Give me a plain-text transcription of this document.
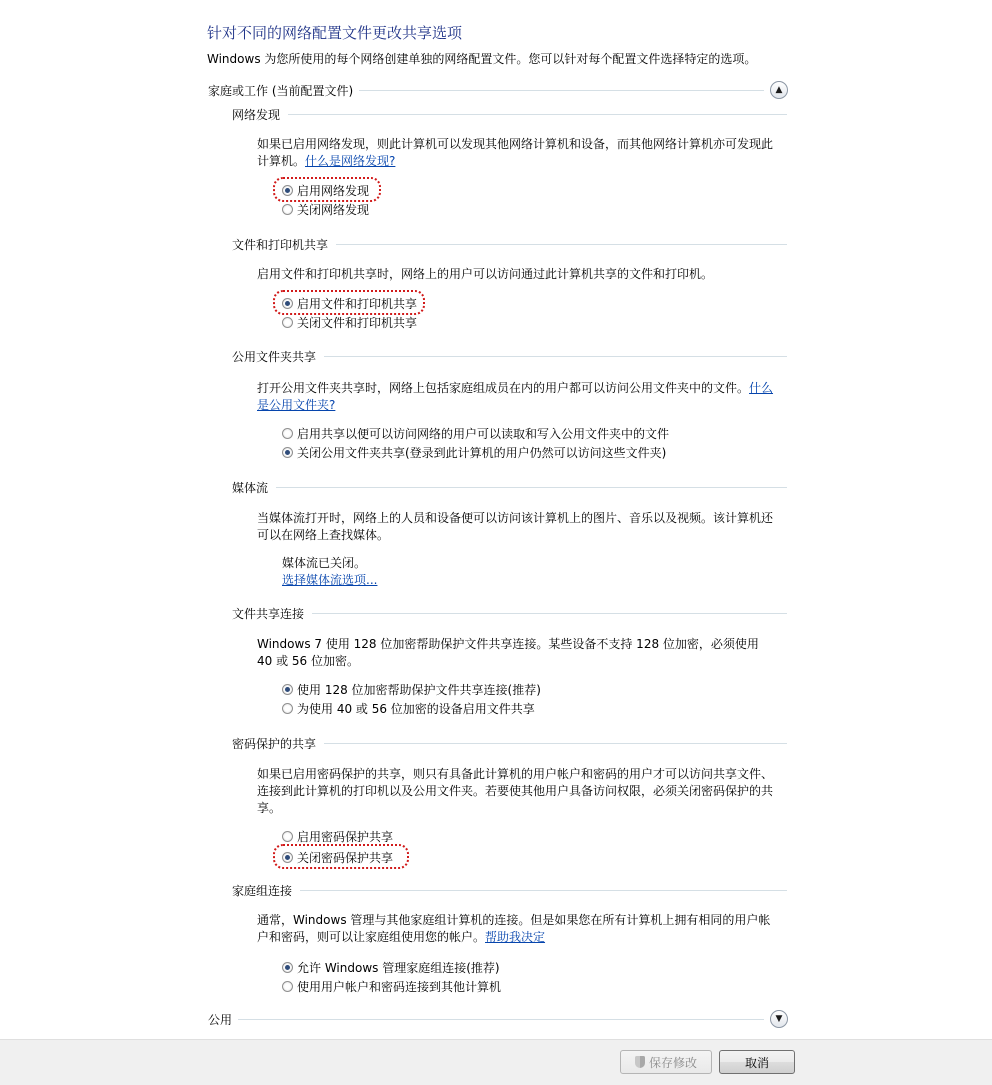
针对不同的网络配置文件更改共享选项
Windows 为您所使用的每个网络创建单独的网络配置文件。您可以针对每个配置文件选择特定的选项。
家庭或工作 (当前配置文件)	▲
网络发现
如果已启用网络发现，则此计算机可以发现其他网络计算机和设备，而其他网络计算机亦可发现此计算机。什么是网络发现?
启用网络发现
关闭网络发现
文件和打印机共享
启用文件和打印机共享时，网络上的用户可以访问通过此计算机共享的文件和打印机。
启用文件和打印机共享
关闭文件和打印机共享
公用文件夹共享
打开公用文件夹共享时，网络上包括家庭组成员在内的用户都可以访问公用文件夹中的文件。什么是公用文件夹?
启用共享以便可以访问网络的用户可以读取和写入公用文件夹中的文件
关闭公用文件夹共享(登录到此计算机的用户仍然可以访问这些文件夹)
媒体流
当媒体流打开时，网络上的人员和设备便可以访问该计算机上的图片、音乐以及视频。该计算机还可以在网络上查找媒体。
媒体流已关闭。
选择媒体流选项...
文件共享连接
Windows 7 使用 128 位加密帮助保护文件共享连接。某些设备不支持 128 位加密，必须使用 40 或 56 位加密。
使用 128 位加密帮助保护文件共享连接(推荐)
为使用 40 或 56 位加密的设备启用文件共享
密码保护的共享
如果已启用密码保护的共享，则只有具备此计算机的用户帐户和密码的用户才可以访问共享文件、连接到此计算机的打印机以及公用文件夹。若要使其他用户具备访问权限，必须关闭密码保护的共享。
启用密码保护共享
关闭密码保护共享
家庭组连接
通常，Windows 管理与其他家庭组计算机的连接。但是如果您在所有计算机上拥有相同的用户帐户和密码，则可以让家庭组使用您的帐户。帮助我决定
允许 Windows 管理家庭组连接(推荐)
使用用户帐户和密码连接到其他计算机
公用	▼
保存修改	取消
